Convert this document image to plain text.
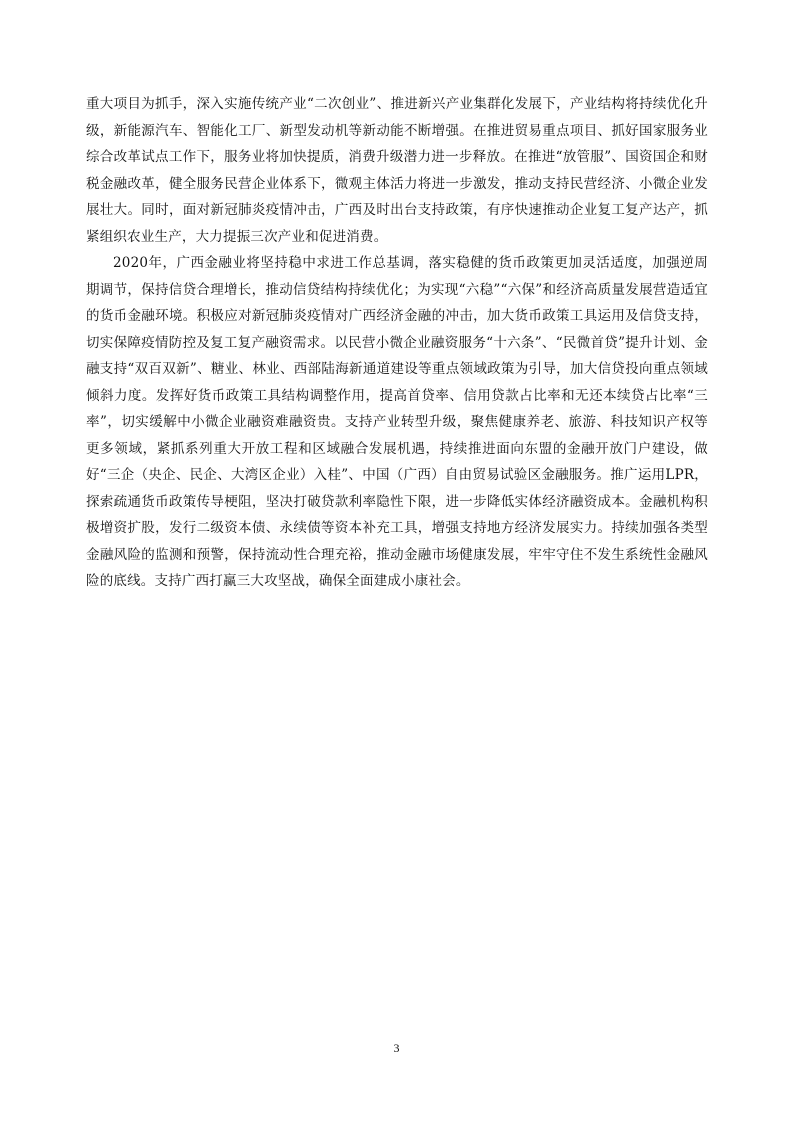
重大项目为抓手，深入实施传统产业“二次创业”、推进新兴产业集群化发展下，产业结构将持续优化升级，新能源汽车、智能化工厂、新型发动机等新动能不断增强。在推进贸易重点项目、抓好国家服务业综合改革试点工作下，服务业将加快提质，消费升级潜力进一步释放。在推进“放管服”、国资国企和财税金融改革，健全服务民营企业体系下，微观主体活力将进一步激发，推动支持民营经济、小微企业发展壮大。同时，面对新冠肺炎疫情冲击，广西及时出台支持政策，有序快速推动企业复工复产达产，抓紧组织农业生产，大力提振三次产业和促进消费。

2020年，广西金融业将坚持稳中求进工作总基调，落实稳健的货币政策更加灵活适度，加强逆周期调节，保持信贷合理增长，推动信贷结构持续优化；为实现“六稳”“六保”和经济高质量发展营造适宜的货币金融环境。积极应对新冠肺炎疫情对广西经济金融的冲击，加大货币政策工具运用及信贷支持，切实保障疫情防控及复工复产融资需求。以民营小微企业融资服务“十六条”、“民微首贷”提升计划、金融支持“双百双新”、糖业、林业、西部陆海新通道建设等重点领域政策为引导，加大信贷投向重点领域倾斜力度。发挥好货币政策工具结构调整作用，提高首贷率、信用贷款占比率和无还本续贷占比率“三率”，切实缓解中小微企业融资难融资贵。支持产业转型升级，聚焦健康养老、旅游、科技知识产权等更多领域，紧抓系列重大开放工程和区域融合发展机遇，持续推进面向东盟的金融开放门户建设，做好“三企（央企、民企、大湾区企业）入桂”、中国（广西）自由贸易试验区金融服务。推广运用LPR，探索疏通货币政策传导梗阻，坚决打破贷款利率隐性下限，进一步降低实体经济融资成本。金融机构积极增资扩股，发行二级资本债、永续债等资本补充工具，增强支持地方经济发展实力。持续加强各类型金融风险的监测和预警，保持流动性合理充裕，推动金融市场健康发展，牢牢守住不发生系统性金融风险的底线。支持广西打赢三大攻坚战，确保全面建成小康社会。

3
